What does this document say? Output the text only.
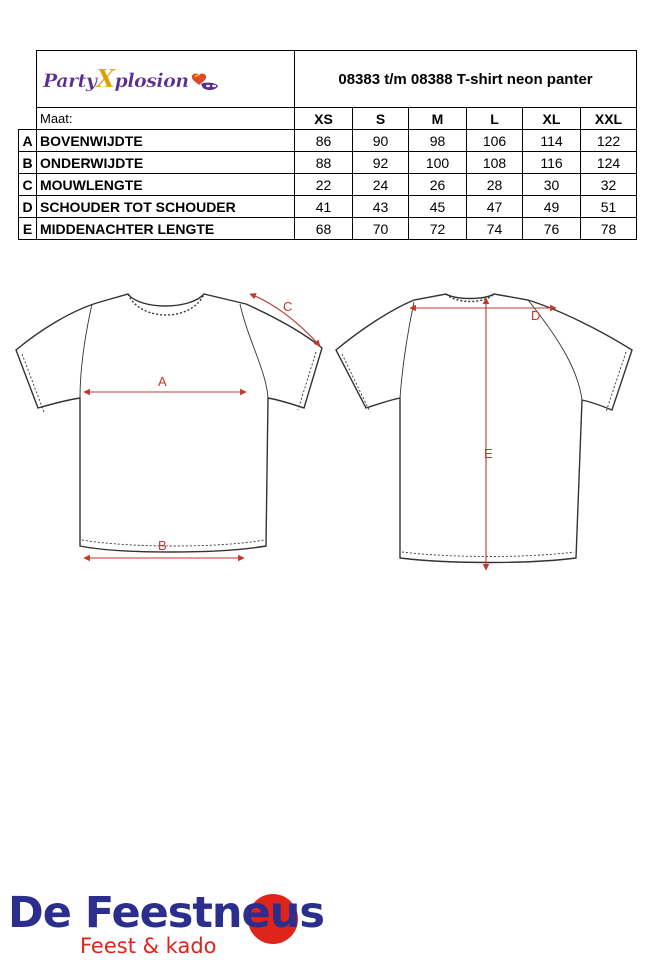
	PartyXplosion	08383 t/m 08388 T-shirt neon panter					
	Maat:	XS	S	M	L	XL	XXL
A	BOVENWIJDTE	86	90	98	106	114	122
B	ONDERWIJDTE	88	92	100	108	116	124
C	MOUWLENGTE	22	24	26	28	30	32
D	SCHOUDER TOT SCHOUDER	41	43	45	47	49	51
E	MIDDENACHTER LENGTE	68	70	72	74	76	78
A
B
C
D
E
De Feestneus
Feest & kado
